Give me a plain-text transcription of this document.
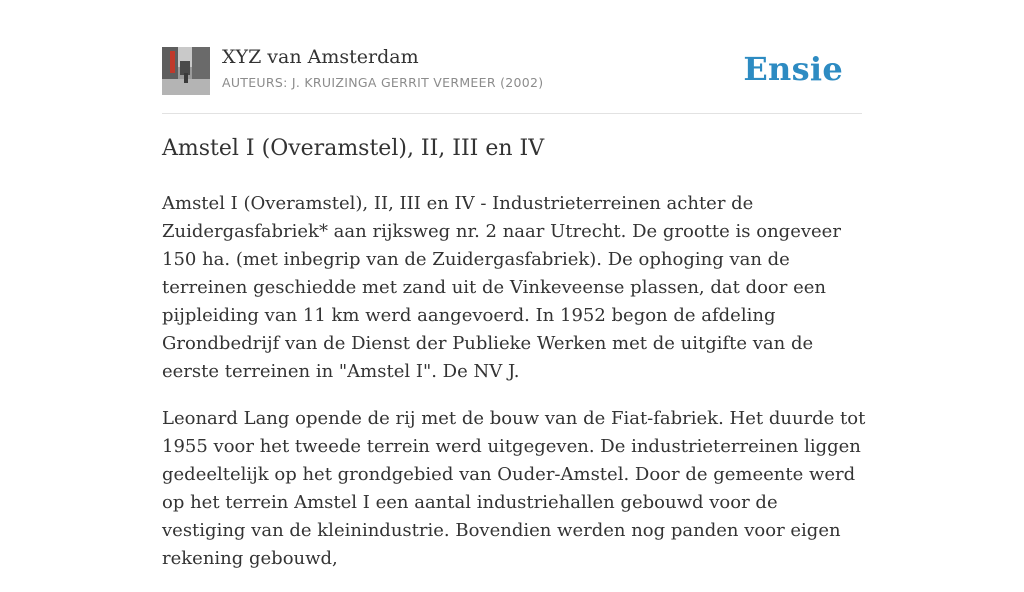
XYZ van Amsterdam
AUTEURS: J. KRUIZINGA GERRIT VERMEER (2002)	Ensie
Amstel I (Overamstel), II, III en IV

Amstel I (Overamstel), II, III en IV - Industrieterreinen achter de Zuidergasfabriek* aan rijksweg nr. 2 naar Utrecht. De grootte is ongeveer 150 ha. (met inbegrip van de Zuidergasfabriek). De ophoging van de terreinen geschiedde met zand uit de Vinkeveense plassen, dat door een pijpleiding van 11 km werd aangevoerd. In 1952 begon de afdeling Grondbedrijf van de Dienst der Publieke Werken met de uitgifte van de eerste terreinen in "Amstel I". De NV J.

Leonard Lang opende de rij met de bouw van de Fiat-fabriek. Het duurde tot 1955 voor het tweede terrein werd uitgegeven. De industrieterreinen liggen gedeeltelijk op het grondgebied van Ouder-Amstel. Door de gemeente werd op het terrein Amstel I een aantal industriehallen gebouwd voor de vestiging van de kleinindustrie. Bovendien werden nog panden voor eigen rekening gebouwd,
